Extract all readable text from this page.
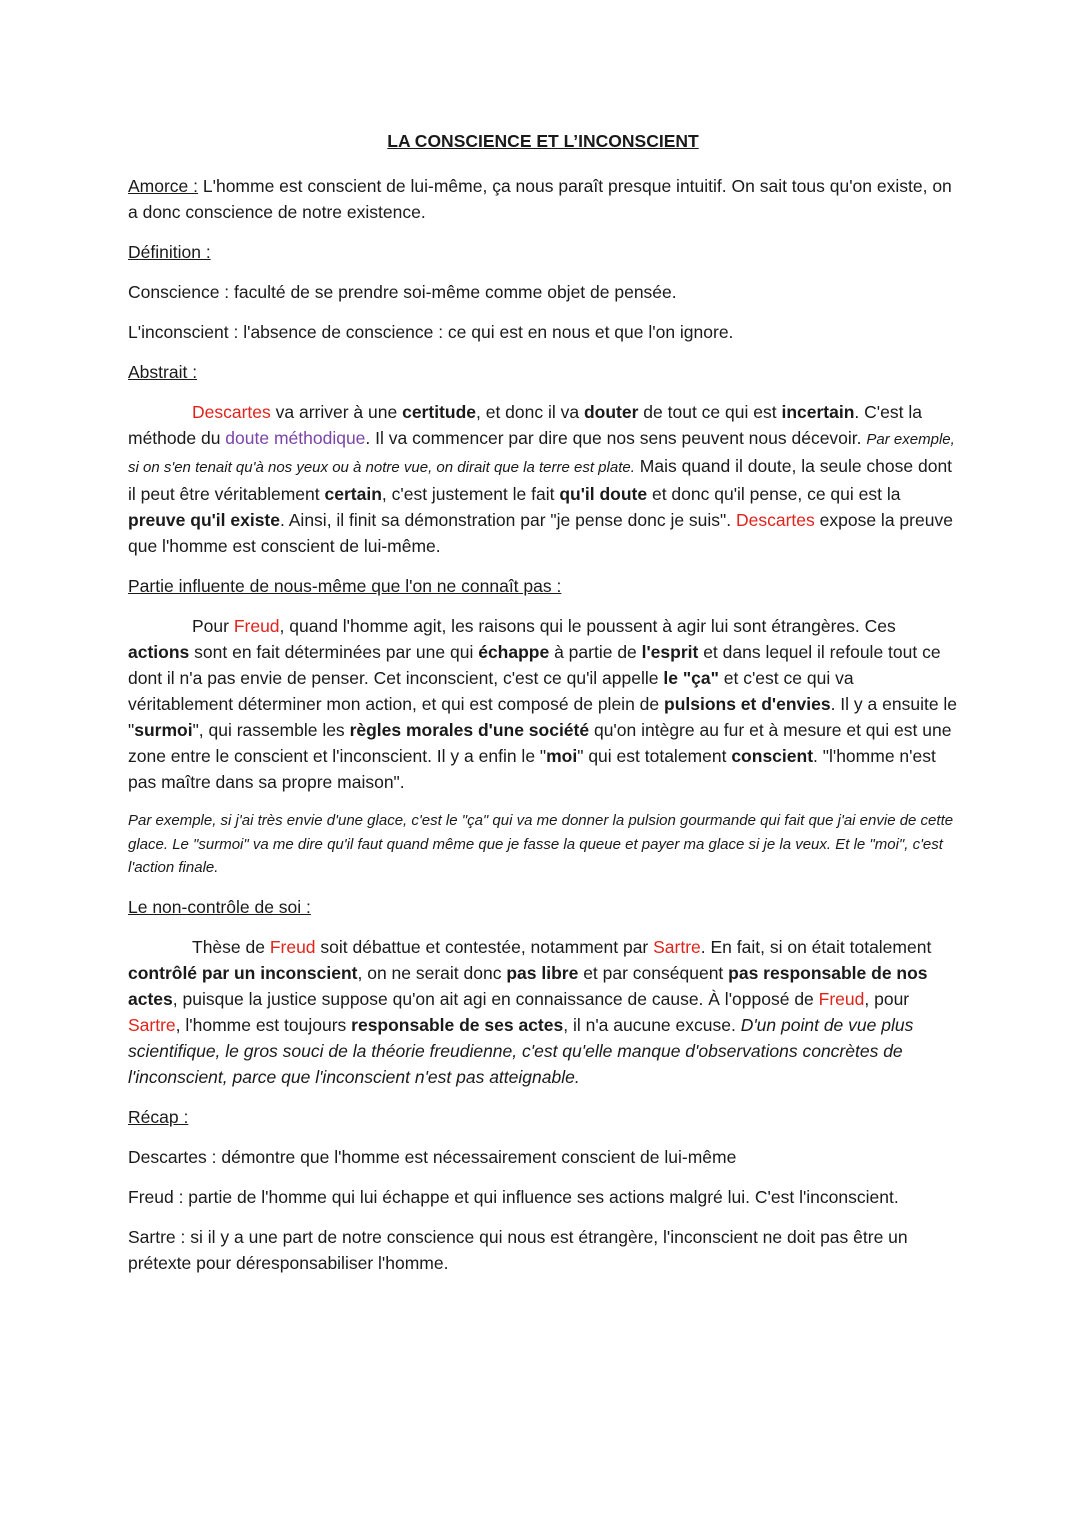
LA CONSCIENCE ET L’INCONSCIENT

Amorce : L'homme est conscient de lui-même, ça nous paraît presque intuitif. On sait tous qu'on existe, on a donc conscience de notre existence.

Définition :

Conscience : faculté de se prendre soi-même comme objet de pensée.

L'inconscient : l'absence de conscience : ce qui est en nous et que l'on ignore.

Abstrait :

Descartes va arriver à une certitude, et donc il va douter de tout ce qui est incertain. C'est la méthode du doute méthodique. Il va commencer par dire que nos sens peuvent nous décevoir. Par exemple, si on s'en tenait qu'à nos yeux ou à notre vue, on dirait que la terre est plate. Mais quand il doute, la seule chose dont il peut être véritablement certain, c'est justement le fait qu'il doute et donc qu'il pense, ce qui est la preuve qu'il existe. Ainsi, il finit sa démonstration par "je pense donc je suis". Descartes expose la preuve que l'homme est conscient de lui-même.

Partie influente de nous-même que l'on ne connaît pas :

Pour Freud, quand l'homme agit, les raisons qui le poussent à agir lui sont étrangères. Ces actions sont en fait déterminées par une qui échappe à partie de l'esprit et dans lequel il refoule tout ce dont il n'a pas envie de penser. Cet inconscient, c'est ce qu'il appelle le "ça" et c'est ce qui va véritablement déterminer mon action, et qui est composé de plein de pulsions et d'envies. Il y a ensuite le "surmoi", qui rassemble les règles morales d'une société qu'on intègre au fur et à mesure et qui est une zone entre le conscient et l'inconscient. Il y a enfin le "moi" qui est totalement conscient. "l'homme n'est pas maître dans sa propre maison".

Par exemple, si j'ai très envie d'une glace, c'est le "ça" qui va me donner la pulsion gourmande qui fait que j'ai envie de cette glace. Le "surmoi" va me dire qu'il faut quand même que je fasse la queue et payer ma glace si je la veux. Et le "moi", c'est l'action finale.

Le non-contrôle de soi :

Thèse de Freud soit débattue et contestée, notamment par Sartre. En fait, si on était totalement contrôlé par un inconscient, on ne serait donc pas libre et par conséquent pas responsable de nos actes, puisque la justice suppose qu'on ait agi en connaissance de cause. À l'opposé de Freud, pour Sartre, l'homme est toujours responsable de ses actes, il n'a aucune excuse. D'un point de vue plus scientifique, le gros souci de la théorie freudienne, c'est qu'elle manque d'observations concrètes de l'inconscient, parce que l'inconscient n'est pas atteignable.

Récap :

Descartes : démontre que l'homme est nécessairement conscient de lui-même

Freud : partie de l'homme qui lui échappe et qui influence ses actions malgré lui. C'est l'inconscient.

Sartre : si il y a une part de notre conscience qui nous est étrangère, l'inconscient ne doit pas être un prétexte pour déresponsabiliser l'homme.
